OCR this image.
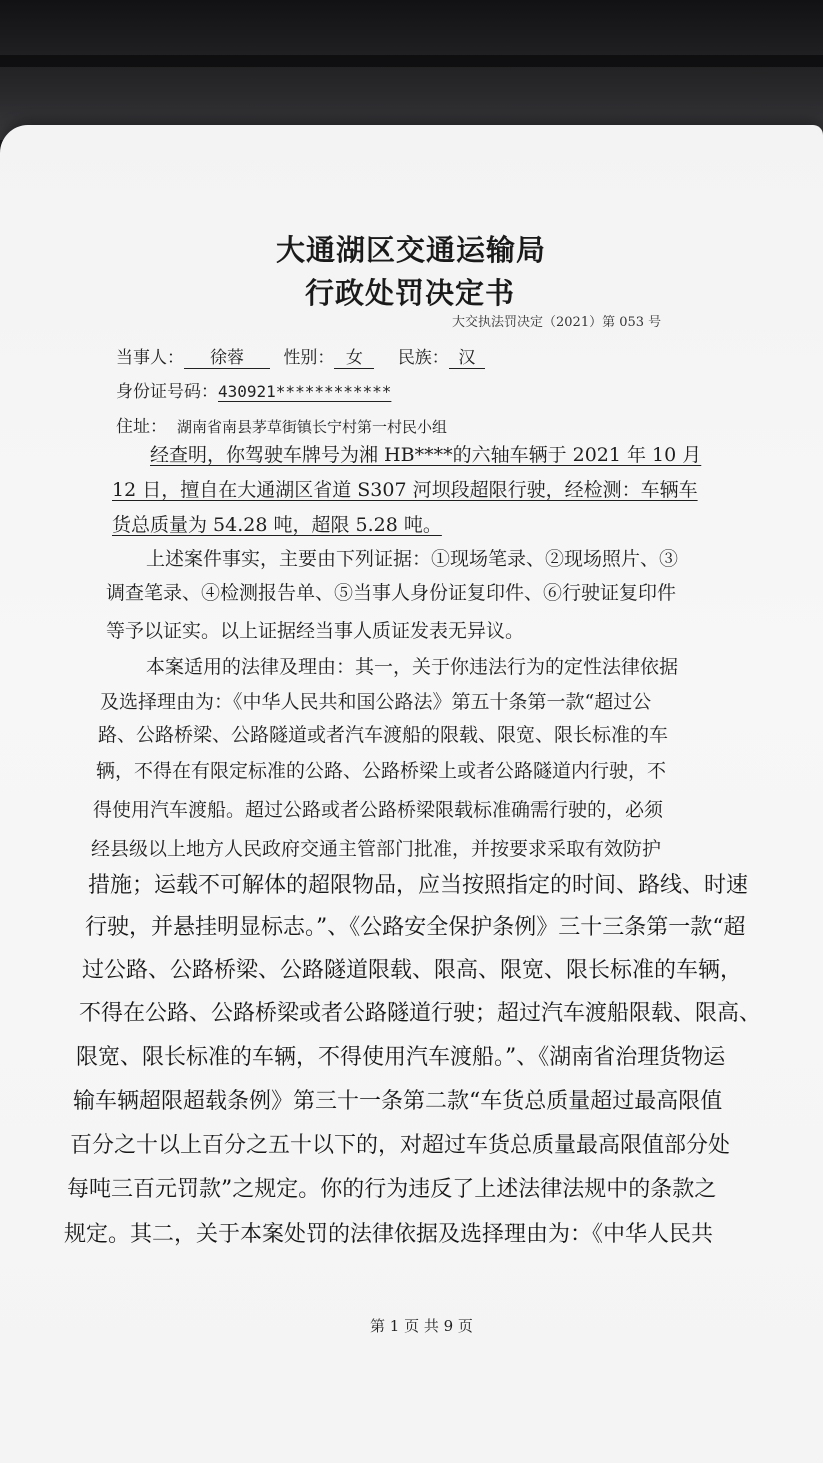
大通湖区交通运输局
行政处罚决定书
大交执法罚决定（2021）第 053 号
当事人： 徐蓉 性别： 女 民族： 汉
身份证号码：430921************
住址： 湖南省南县茅草街镇长宁村第一村民小组
经查明，你驾驶车牌号为湘 HB****的六轴车辆于 2021 年 10 月
12 日，擅自在大通湖区省道 S307 河坝段超限行驶，经检测：车辆车
货总质量为 54.28 吨，超限 5.28 吨。
上述案件事实，主要由下列证据：①现场笔录、②现场照片、③
调查笔录、④检测报告单、⑤当事人身份证复印件、⑥行驶证复印件
等予以证实。以上证据经当事人质证发表无异议。
本案适用的法律及理由：其一，关于你违法行为的定性法律依据
及选择理由为：《中华人民共和国公路法》第五十条第一款“超过公
路、公路桥梁、公路隧道或者汽车渡船的限载、限宽、限长标准的车
辆，不得在有限定标准的公路、公路桥梁上或者公路隧道内行驶，不
得使用汽车渡船。超过公路或者公路桥梁限载标准确需行驶的，必须
经县级以上地方人民政府交通主管部门批准，并按要求采取有效防护
措施；运载不可解体的超限物品，应当按照指定的时间、路线、时速
行驶，并悬挂明显标志。”、《公路安全保护条例》三十三条第一款“超
过公路、公路桥梁、公路隧道限载、限高、限宽、限长标准的车辆，
不得在公路、公路桥梁或者公路隧道行驶；超过汽车渡船限载、限高、
限宽、限长标准的车辆，不得使用汽车渡船。”、《湖南省治理货物运
输车辆超限超载条例》第三十一条第二款“车货总质量超过最高限值
百分之十以上百分之五十以下的，对超过车货总质量最高限值部分处
每吨三百元罚款”之规定。你的行为违反了上述法律法规中的条款之
规定。其二，关于本案处罚的法律依据及选择理由为：《中华人民共
第 1 页 共 9 页
